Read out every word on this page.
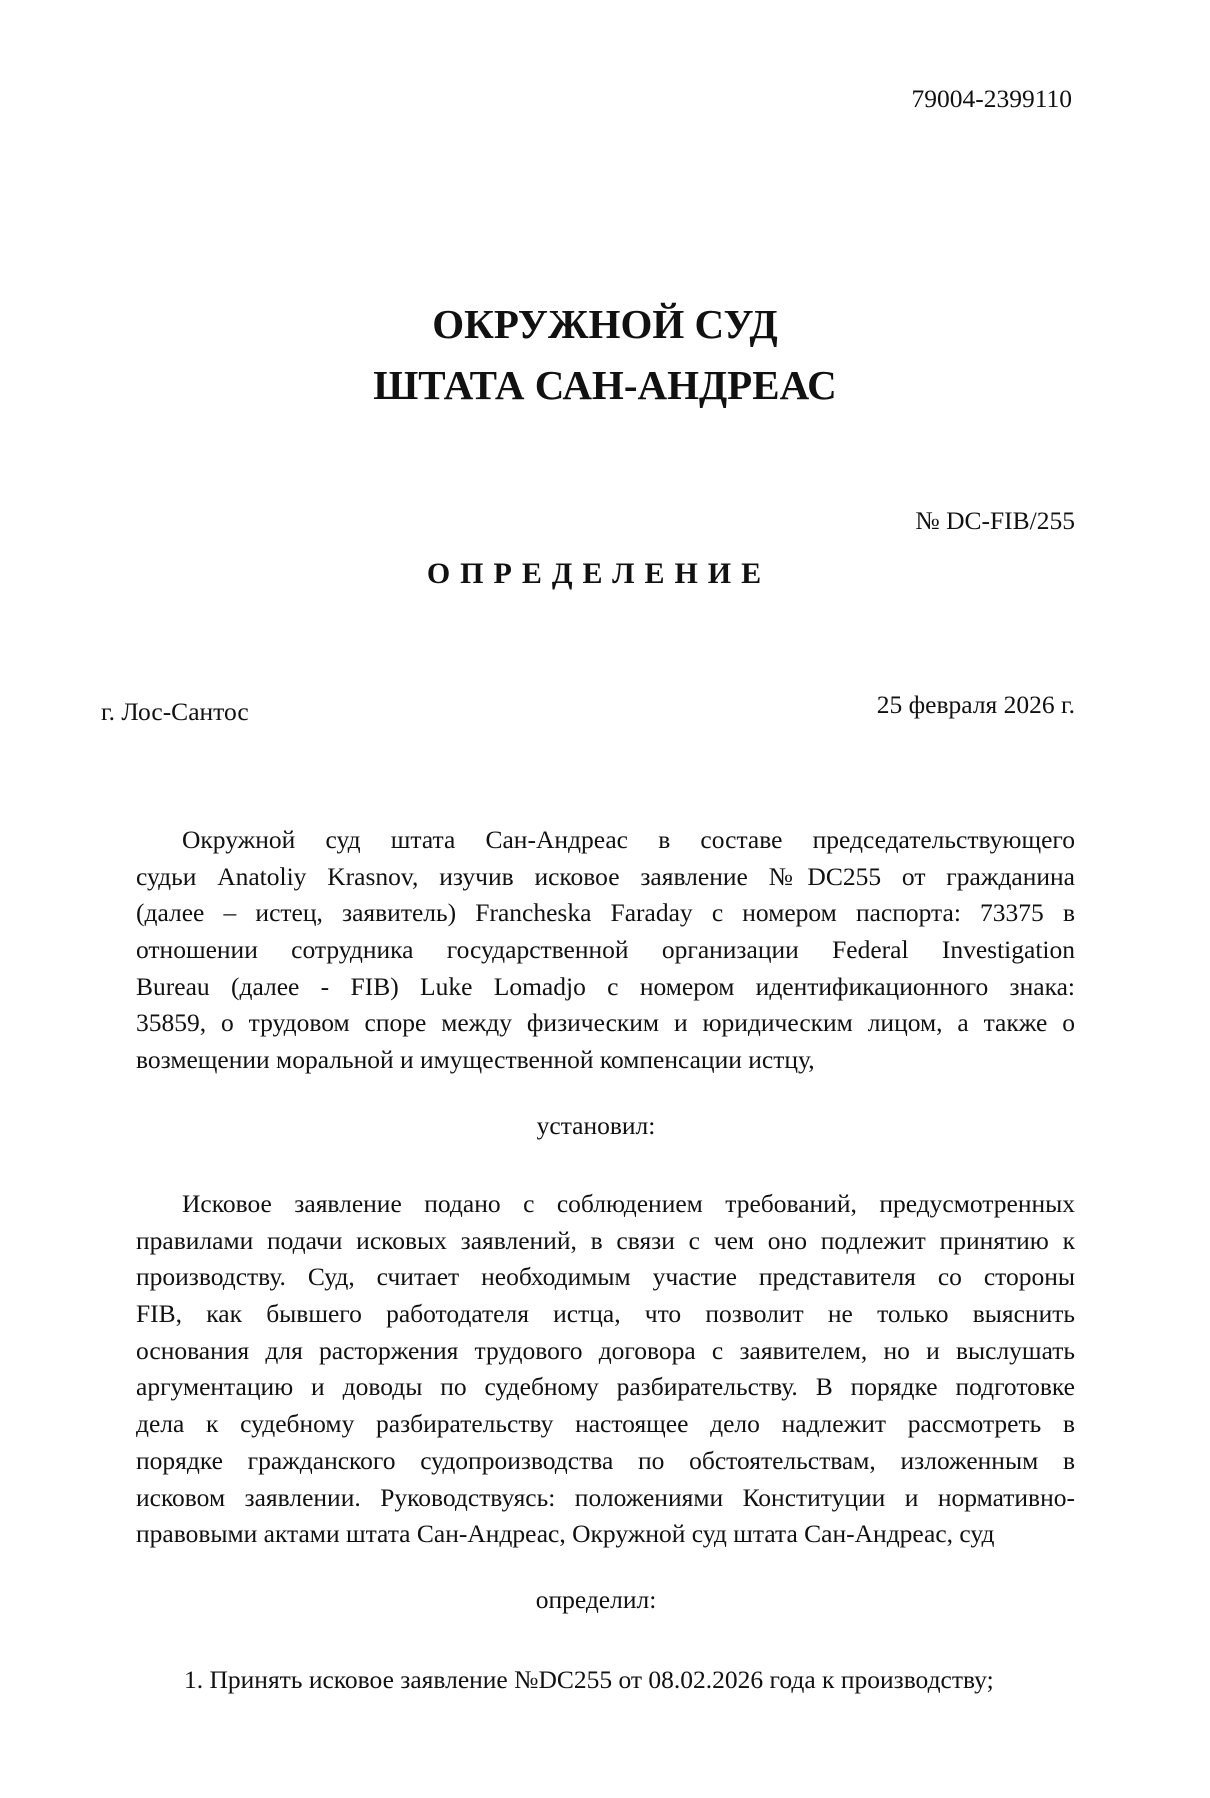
79004-2399110
ОКРУЖНОЙ СУД
ШТАТА САН-АНДРЕАС
№ DC-FIB/255
ОПРЕДЕЛЕНИЕ
г. Лос-Сантос	25 февраля 2026 г.
Окружной суд штата Сан-Андреас в составе председательствующего
судьи Anatoliy Krasnov, изучив исковое заявление №DC255 от гражданина
(далее – истец, заявитель) Francheska Faraday с номером паспорта: 73375 в
отношении сотрудника государственной организации Federal Investigation
Bureau (далее - FIB) Luke Lomadjo с номером идентификационного знака:
35859, о трудовом споре между физическим и юридическим лицом, а также о
возмещении моральной и имущественной компенсации истцу,
установил:
Исковое заявление подано с соблюдением требований, предусмотренных
правилами подачи исковых заявлений, в связи с чем оно подлежит принятию к
производству. Суд, считает необходимым участие представителя со стороны
FIB, как бывшего работодателя истца, что позволит не только выяснить
основания для расторжения трудового договора с заявителем, но и выслушать
аргументацию и доводы по судебному разбирательству. В порядке подготовке
дела к судебному разбирательству настоящее дело надлежит рассмотреть в
порядке гражданского судопроизводства по обстоятельствам, изложенным в
исковом заявлении. Руководствуясь: положениями Конституции и нормативно-
правовыми актами штата Сан-Андреас, Окружной суд штата Сан-Андреас, суд
определил:
1. Принять исковое заявление №DC255 от 08.02.2026 года к производству;
